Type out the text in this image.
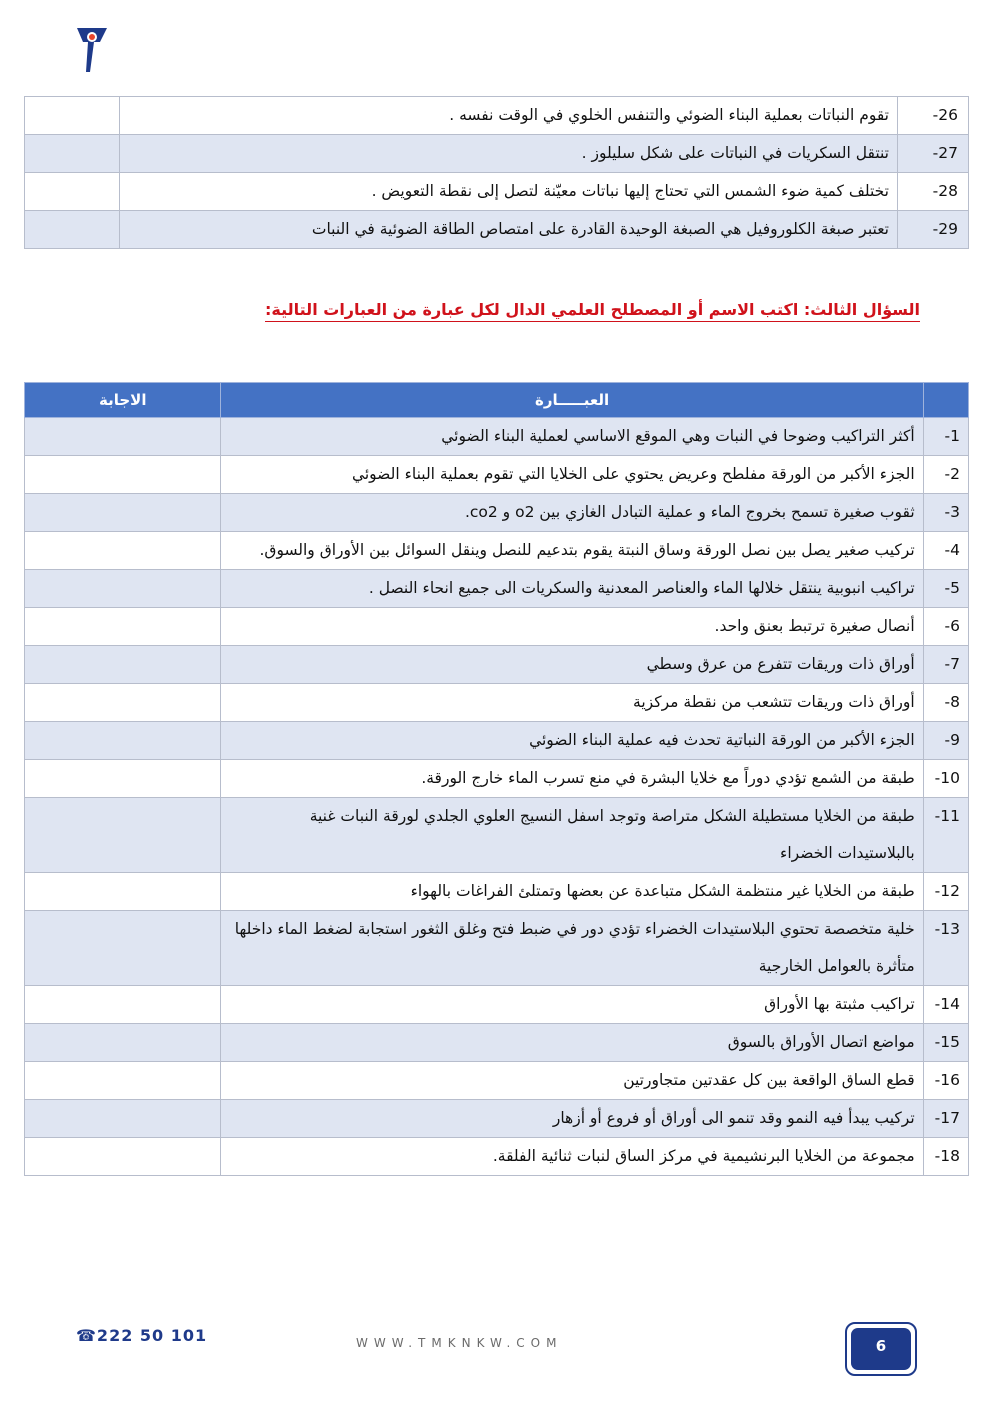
26-	تقوم النباتات بعملية البناء الضوئي والتنفس الخلوي في الوقت نفسه .	
27-	تنتقل السكريات في النباتات على شكل سليلوز .	
28-	تختلف كمية ضوء الشمس التي تحتاج إليها نباتات معيّنة لتصل إلى نقطة التعويض .	
29-	تعتبر صبغة الكلوروفيل هي الصبغة الوحيدة القادرة على امتصاص الطاقة الضوئية في النبات	
السؤال الثالث: اكتب الاسم أو المصطلح العلمي الدال لكل عبارة من العبارات التالية:
	العبـــــارة	الاجابة
1-	أكثر التراكيب وضوحا في النبات وهي الموقع الاساسي لعملية البناء الضوئي	
2-	الجزء الأكبر من الورقة مفلطح وعريض يحتوي على الخلايا التي تقوم بعملية البناء الضوئي	
3-	ثقوب صغيرة تسمح بخروج الماء و عملية التبادل الغازي بين o2 و co2.	
4-	تركيب صغير يصل بين نصل الورقة وساق النبتة يقوم بتدعيم للنصل وينقل السوائل بين الأوراق والسوق.	
5-	تراكيب انبوبية ينتقل خلالها الماء والعناصر المعدنية والسكريات الى جميع انحاء النصل .	
6-	أنصال صغيرة ترتبط بعنق واحد.	
7-	أوراق ذات وريقات تتفرع من عرق وسطي	
8-	أوراق ذات وريقات تتشعب من نقطة مركزية	
9-	الجزء الأكبر من الورقة النباتية تحدث فيه عملية البناء الضوئي	
10-	طبقة من الشمع تؤدي دوراً مع خلايا البشرة في منع تسرب الماء خارج الورقة.	
11-	طبقة من الخلايا مستطيلة الشكل متراصة وتوجد اسفل النسيج العلوي الجلدي لورقة النبات غنية بالبلاستيدات الخضراء	
12-	طبقة من الخلايا غير منتظمة الشكل متباعدة عن بعضها وتمتلئ الفراغات بالهواء	
13-	خلية متخصصة تحتوي البلاستيدات الخضراء تؤدي دور في ضبط فتح وغلق الثغور استجابة لضغط الماء داخلها متأثرة بالعوامل الخارجية	
14-	تراكيب مثبتة بها الأوراق	
15-	مواضع اتصال الأوراق بالسوق	
16-	قطع الساق الواقعة بين كل عقدتين متجاورتين	
17-	تركيب يبدأ فيه النمو وقد تنمو الى أوراق أو فروع أو أزهار	
18-	مجموعة من الخلايا البرنشيمية في مركز الساق لنبات ثنائية الفلقة.	
☎222 50 101	WWW.TMKNKW.COM	6
